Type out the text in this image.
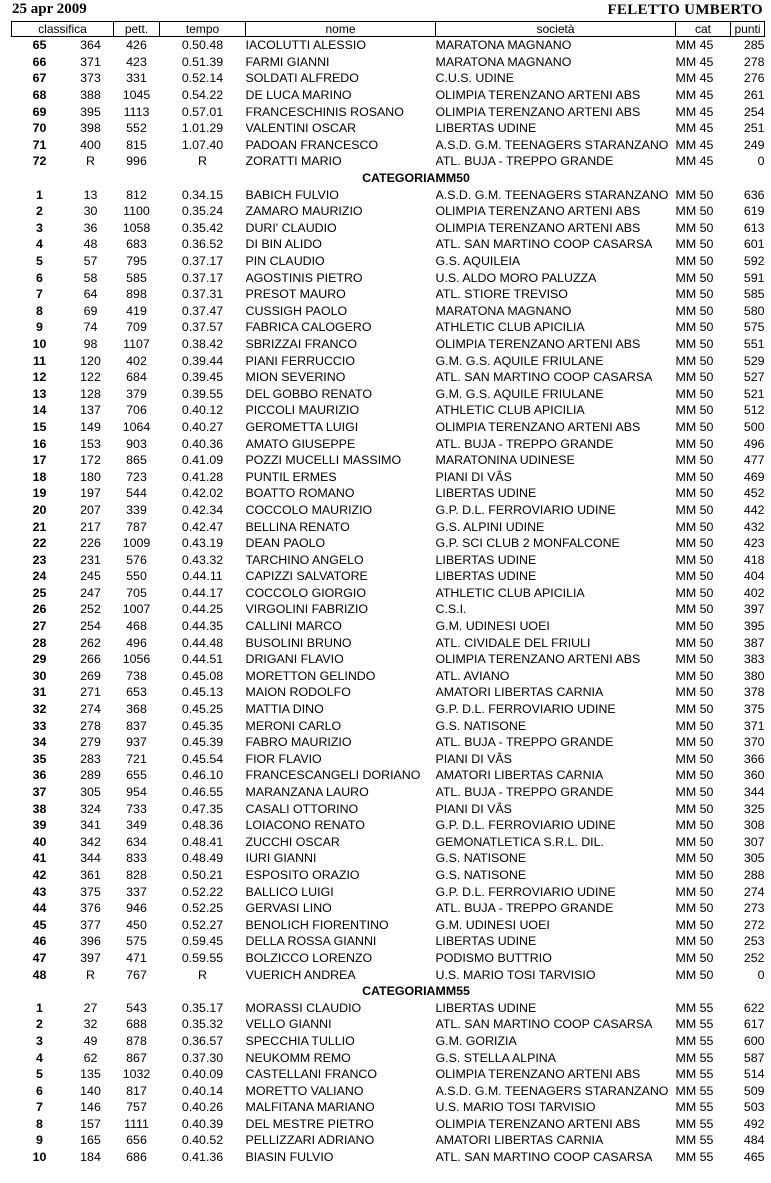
25 apr 2009	FELETTO UMBERTO
classifica		pett.	tempo	nome	società	cat	punti
65	364	426	0.50.48	IACOLUTTI ALESSIO	MARATONA MAGNANO	MM 45	285
66	371	423	0.51.39	FARMI GIANNI	MARATONA MAGNANO	MM 45	278
67	373	331	0.52.14	SOLDATI ALFREDO	C.U.S. UDINE	MM 45	276
68	388	1045	0.54.22	DE LUCA MARINO	OLIMPIA TERENZANO ARTENI ABS	MM 45	261
69	395	1113	0.57.01	FRANCESCHINIS ROSANO	OLIMPIA TERENZANO ARTENI ABS	MM 45	254
70	398	552	1.01.29	VALENTINI OSCAR	LIBERTAS UDINE	MM 45	251
71	400	815	1.07.40	PADOAN FRANCESCO	A.S.D. G.M. TEENAGERS STARANZANO	MM 45	249
72	R	996	R	ZORATTI MARIO	ATL. BUJA - TREPPO GRANDE	MM 45	0
CATEGORIA					MM50		
1	13	812	0.34.15	BABICH FULVIO	A.S.D. G.M. TEENAGERS STARANZANO	MM 50	636
2	30	1100	0.35.24	ZAMARO MAURIZIO	OLIMPIA TERENZANO ARTENI ABS	MM 50	619
3	36	1058	0.35.42	DURI' CLAUDIO	OLIMPIA TERENZANO ARTENI ABS	MM 50	613
4	48	683	0.36.52	DI BIN ALIDO	ATL. SAN MARTINO COOP CASARSA	MM 50	601
5	57	795	0.37.17	PIN CLAUDIO	G.S. AQUILEIA	MM 50	592
6	58	585	0.37.17	AGOSTINIS PIETRO	U.S. ALDO MORO PALUZZA	MM 50	591
7	64	898	0.37.31	PRESOT MAURO	ATL. STIORE TREVISO	MM 50	585
8	69	419	0.37.47	CUSSIGH PAOLO	MARATONA MAGNANO	MM 50	580
9	74	709	0.37.57	FABRICA CALOGERO	ATHLETIC CLUB APICILIA	MM 50	575
10	98	1107	0.38.42	SBRIZZAI FRANCO	OLIMPIA TERENZANO ARTENI ABS	MM 50	551
11	120	402	0.39.44	PIANI FERRUCCIO	G.M. G.S. AQUILE FRIULANE	MM 50	529
12	122	684	0.39.45	MION SEVERINO	ATL. SAN MARTINO COOP CASARSA	MM 50	527
13	128	379	0.39.55	DEL GOBBO RENATO	G.M. G.S. AQUILE FRIULANE	MM 50	521
14	137	706	0.40.12	PICCOLI MAURIZIO	ATHLETIC CLUB APICILIA	MM 50	512
15	149	1064	0.40.27	GEROMETTA LUIGI	OLIMPIA TERENZANO ARTENI ABS	MM 50	500
16	153	903	0.40.36	AMATO GIUSEPPE	ATL. BUJA - TREPPO GRANDE	MM 50	496
17	172	865	0.41.09	POZZI MUCELLI MASSIMO	MARATONINA UDINESE	MM 50	477
18	180	723	0.41.28	PUNTIL ERMES	PIANI DI VÂS	MM 50	469
19	197	544	0.42.02	BOATTO ROMANO	LIBERTAS UDINE	MM 50	452
20	207	339	0.42.34	COCCOLO MAURIZIO	G.P. D.L. FERROVIARIO UDINE	MM 50	442
21	217	787	0.42.47	BELLINA RENATO	G.S. ALPINI UDINE	MM 50	432
22	226	1009	0.43.19	DEAN PAOLO	G.P. SCI CLUB 2 MONFALCONE	MM 50	423
23	231	576	0.43.32	TARCHINO ANGELO	LIBERTAS UDINE	MM 50	418
24	245	550	0.44.11	CAPIZZI SALVATORE	LIBERTAS UDINE	MM 50	404
25	247	705	0.44.17	COCCOLO GIORGIO	ATHLETIC CLUB APICILIA	MM 50	402
26	252	1007	0.44.25	VIRGOLINI FABRIZIO	C.S.I.	MM 50	397
27	254	468	0.44.35	CALLINI MARCO	G.M. UDINESI UOEI	MM 50	395
28	262	496	0.44.48	BUSOLINI BRUNO	ATL. CIVIDALE DEL FRIULI	MM 50	387
29	266	1056	0.44.51	DRIGANI FLAVIO	OLIMPIA TERENZANO ARTENI ABS	MM 50	383
30	269	738	0.45.08	MORETTON GELINDO	ATL. AVIANO	MM 50	380
31	271	653	0.45.13	MAION RODOLFO	AMATORI LIBERTAS CARNIA	MM 50	378
32	274	368	0.45.25	MATTIA DINO	G.P. D.L. FERROVIARIO UDINE	MM 50	375
33	278	837	0.45.35	MERONI CARLO	G.S. NATISONE	MM 50	371
34	279	937	0.45.39	FABRO MAURIZIO	ATL. BUJA - TREPPO GRANDE	MM 50	370
35	283	721	0.45.54	FIOR FLAVIO	PIANI DI VÂS	MM 50	366
36	289	655	0.46.10	FRANCESCANGELI DORIANO	AMATORI LIBERTAS CARNIA	MM 50	360
37	305	954	0.46.55	MARANZANA LAURO	ATL. BUJA - TREPPO GRANDE	MM 50	344
38	324	733	0.47.35	CASALI OTTORINO	PIANI DI VÂS	MM 50	325
39	341	349	0.48.36	LOIACONO RENATO	G.P. D.L. FERROVIARIO UDINE	MM 50	308
40	342	634	0.48.41	ZUCCHI OSCAR	GEMONATLETICA S.R.L. DIL.	MM 50	307
41	344	833	0.48.49	IURI GIANNI	G.S. NATISONE	MM 50	305
42	361	828	0.50.21	ESPOSITO ORAZIO	G.S. NATISONE	MM 50	288
43	375	337	0.52.22	BALLICO LUIGI	G.P. D.L. FERROVIARIO UDINE	MM 50	274
44	376	946	0.52.25	GERVASI LINO	ATL. BUJA - TREPPO GRANDE	MM 50	273
45	377	450	0.52.27	BENOLICH FIORENTINO	G.M. UDINESI UOEI	MM 50	272
46	396	575	0.59.45	DELLA ROSSA GIANNI	LIBERTAS UDINE	MM 50	253
47	397	471	0.59.55	BOLZICCO LORENZO	PODISMO BUTTRIO	MM 50	252
48	R	767	R	VUERICH ANDREA	U.S. MARIO TOSI TARVISIO	MM 50	0
CATEGORIA					MM55		
1	27	543	0.35.17	MORASSI CLAUDIO	LIBERTAS UDINE	MM 55	622
2	32	688	0.35.32	VELLO GIANNI	ATL. SAN MARTINO COOP CASARSA	MM 55	617
3	49	878	0.36.57	SPECCHIA TULLIO	G.M. GORIZIA	MM 55	600
4	62	867	0.37.30	NEUKOMM REMO	G.S. STELLA ALPINA	MM 55	587
5	135	1032	0.40.09	CASTELLANI FRANCO	OLIMPIA TERENZANO ARTENI ABS	MM 55	514
6	140	817	0.40.14	MORETTO VALIANO	A.S.D. G.M. TEENAGERS STARANZANO	MM 55	509
7	146	757	0.40.26	MALFITANA MARIANO	U.S. MARIO TOSI TARVISIO	MM 55	503
8	157	1111	0.40.39	DEL MESTRE PIETRO	OLIMPIA TERENZANO ARTENI ABS	MM 55	492
9	165	656	0.40.52	PELLIZZARI ADRIANO	AMATORI LIBERTAS CARNIA	MM 55	484
10	184	686	0.41.36	BIASIN FULVIO	ATL. SAN MARTINO COOP CASARSA	MM 55	465
